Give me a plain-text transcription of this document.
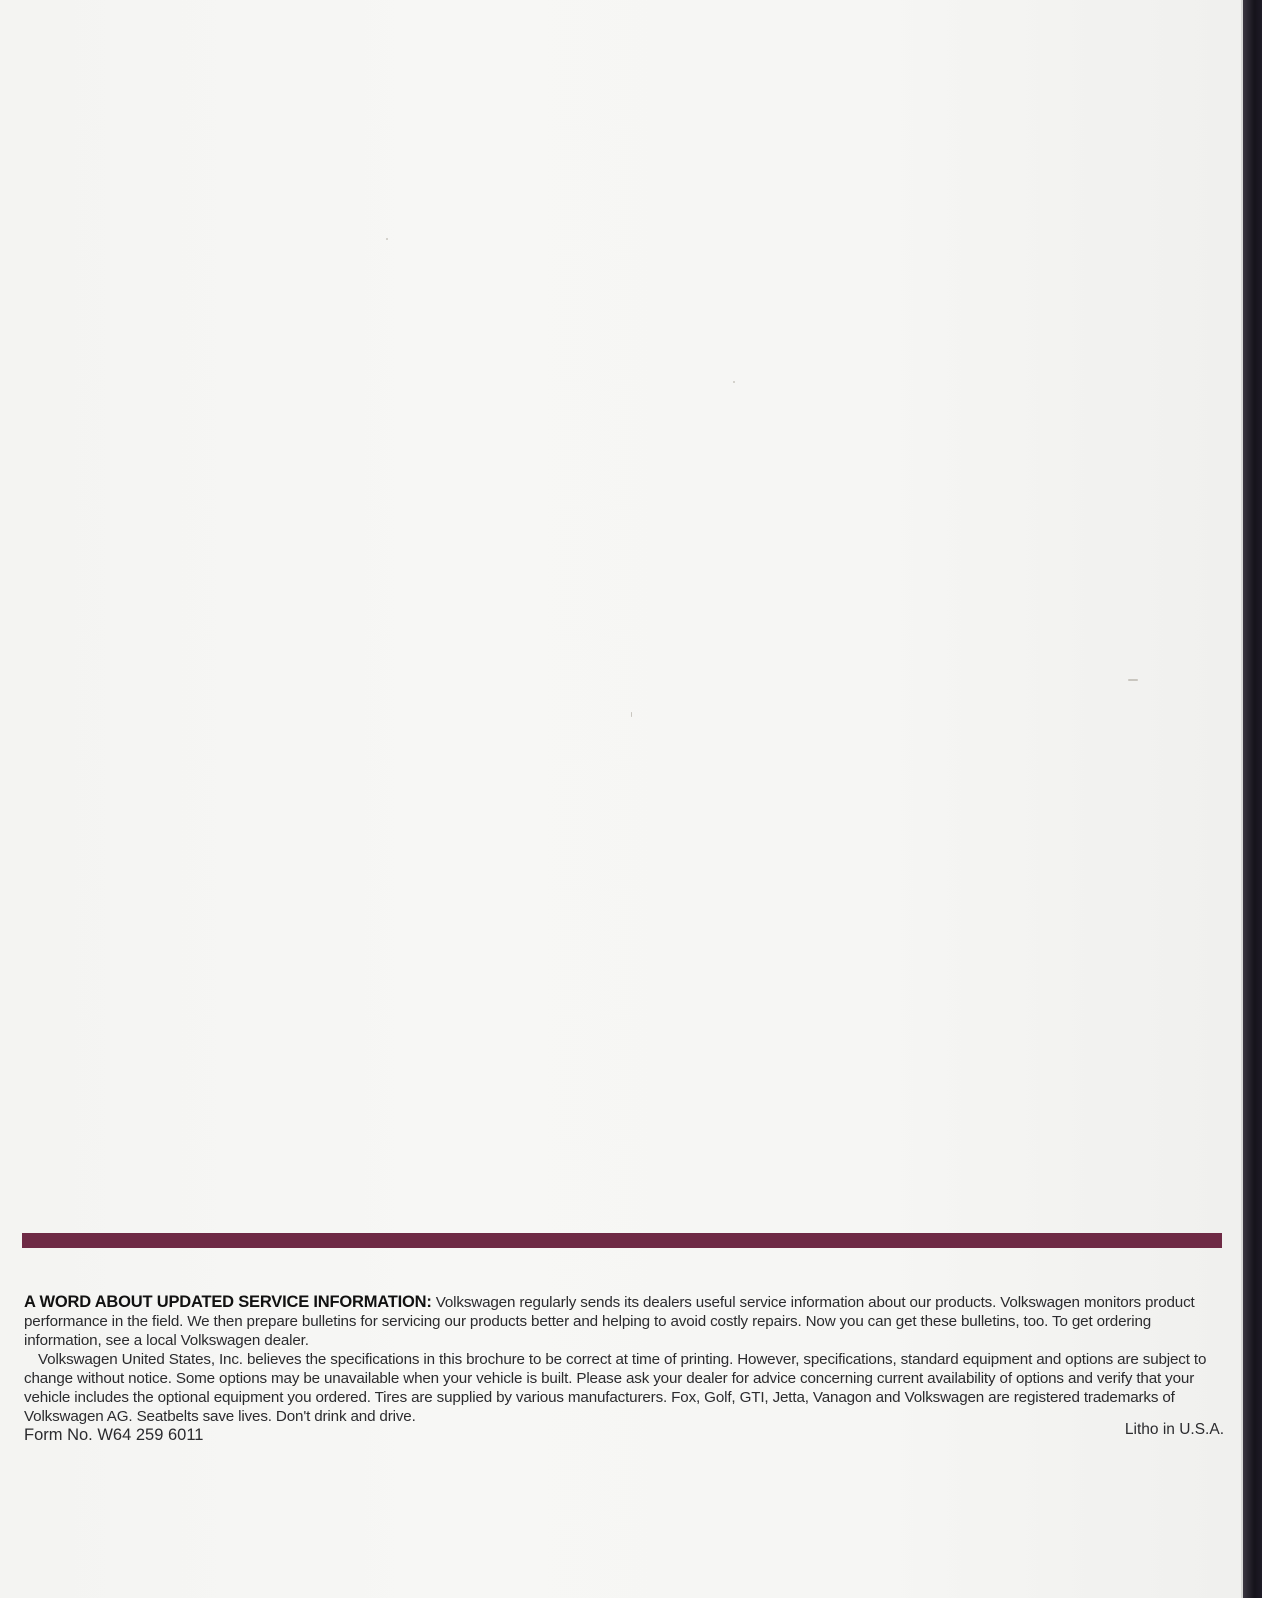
A WORD ABOUT UPDATED SERVICE INFORMATION: Volkswagen regularly sends its dealers useful service information about our products. Volkswagen monitors product performance in the field. We then prepare bulletins for servicing our products better and helping to avoid costly repairs. Now you can get these bulletins, too. To get ordering information, see a local Volkswagen dealer.

Volkswagen United States, Inc. believes the specifications in this brochure to be correct at time of printing. However, specifications, standard equipment and options are subject to change without notice. Some options may be unavailable when your vehicle is built. Please ask your dealer for advice concerning current availability of options and verify that your vehicle includes the optional equipment you ordered. Tires are supplied by various manufacturers. Fox, Golf, GTI, Jetta, Vanagon and Volkswagen are registered trademarks of Volkswagen AG. Seatbelts save lives. Don't drink and drive.

Form No. W64 259 6011	Litho in U.S.A.
